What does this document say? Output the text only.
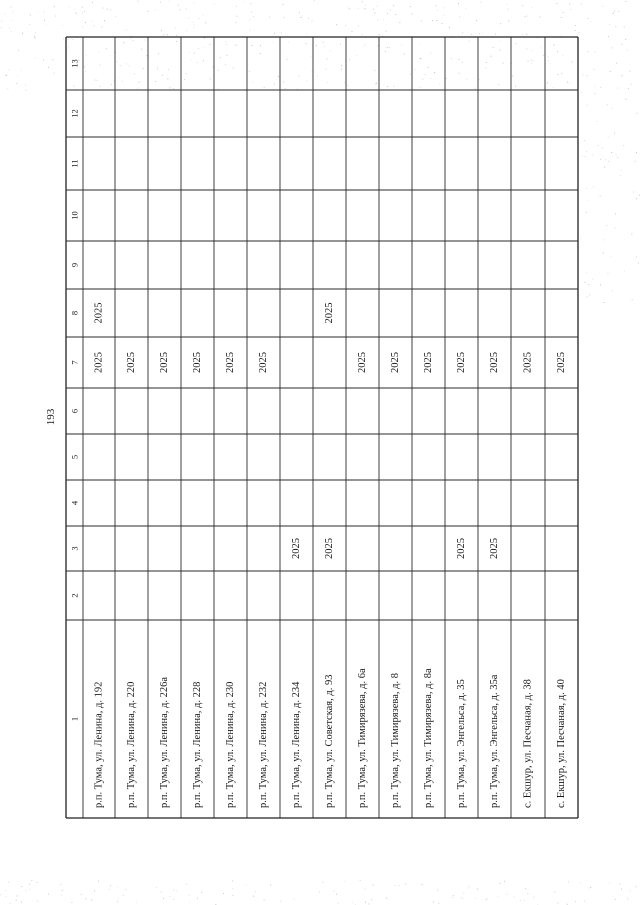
193
1
2
3
4
5
6
7
8
9
10
11
12
13
р.п. Тума, ул. Ленина, д. 192
2025
2025
р.п. Тума, ул. Ленина, д. 220
2025
р.п. Тума, ул. Ленина, д. 226а
2025
р.п. Тума, ул. Ленина, д. 228
2025
р.п. Тума, ул. Ленина, д. 230
2025
р.п. Тума, ул. Ленина, д. 232
2025
р.п. Тума, ул. Ленина, д. 234
2025
р.п. Тума, ул. Советская, д. 93
2025
2025
р.п. Тума, ул. Тимирязева, д. 6а
2025
р.п. Тума, ул. Тимирязева, д. 8
2025
р.п. Тума, ул. Тимирязева, д. 8а
2025
р.п. Тума, ул. Энгельса, д. 35
2025
2025
р.п. Тума, ул. Энгельса, д. 35а
2025
2025
с. Екшур, ул. Песчаная, д. 38
2025
с. Екшур, ул. Песчаная, д. 40
2025
